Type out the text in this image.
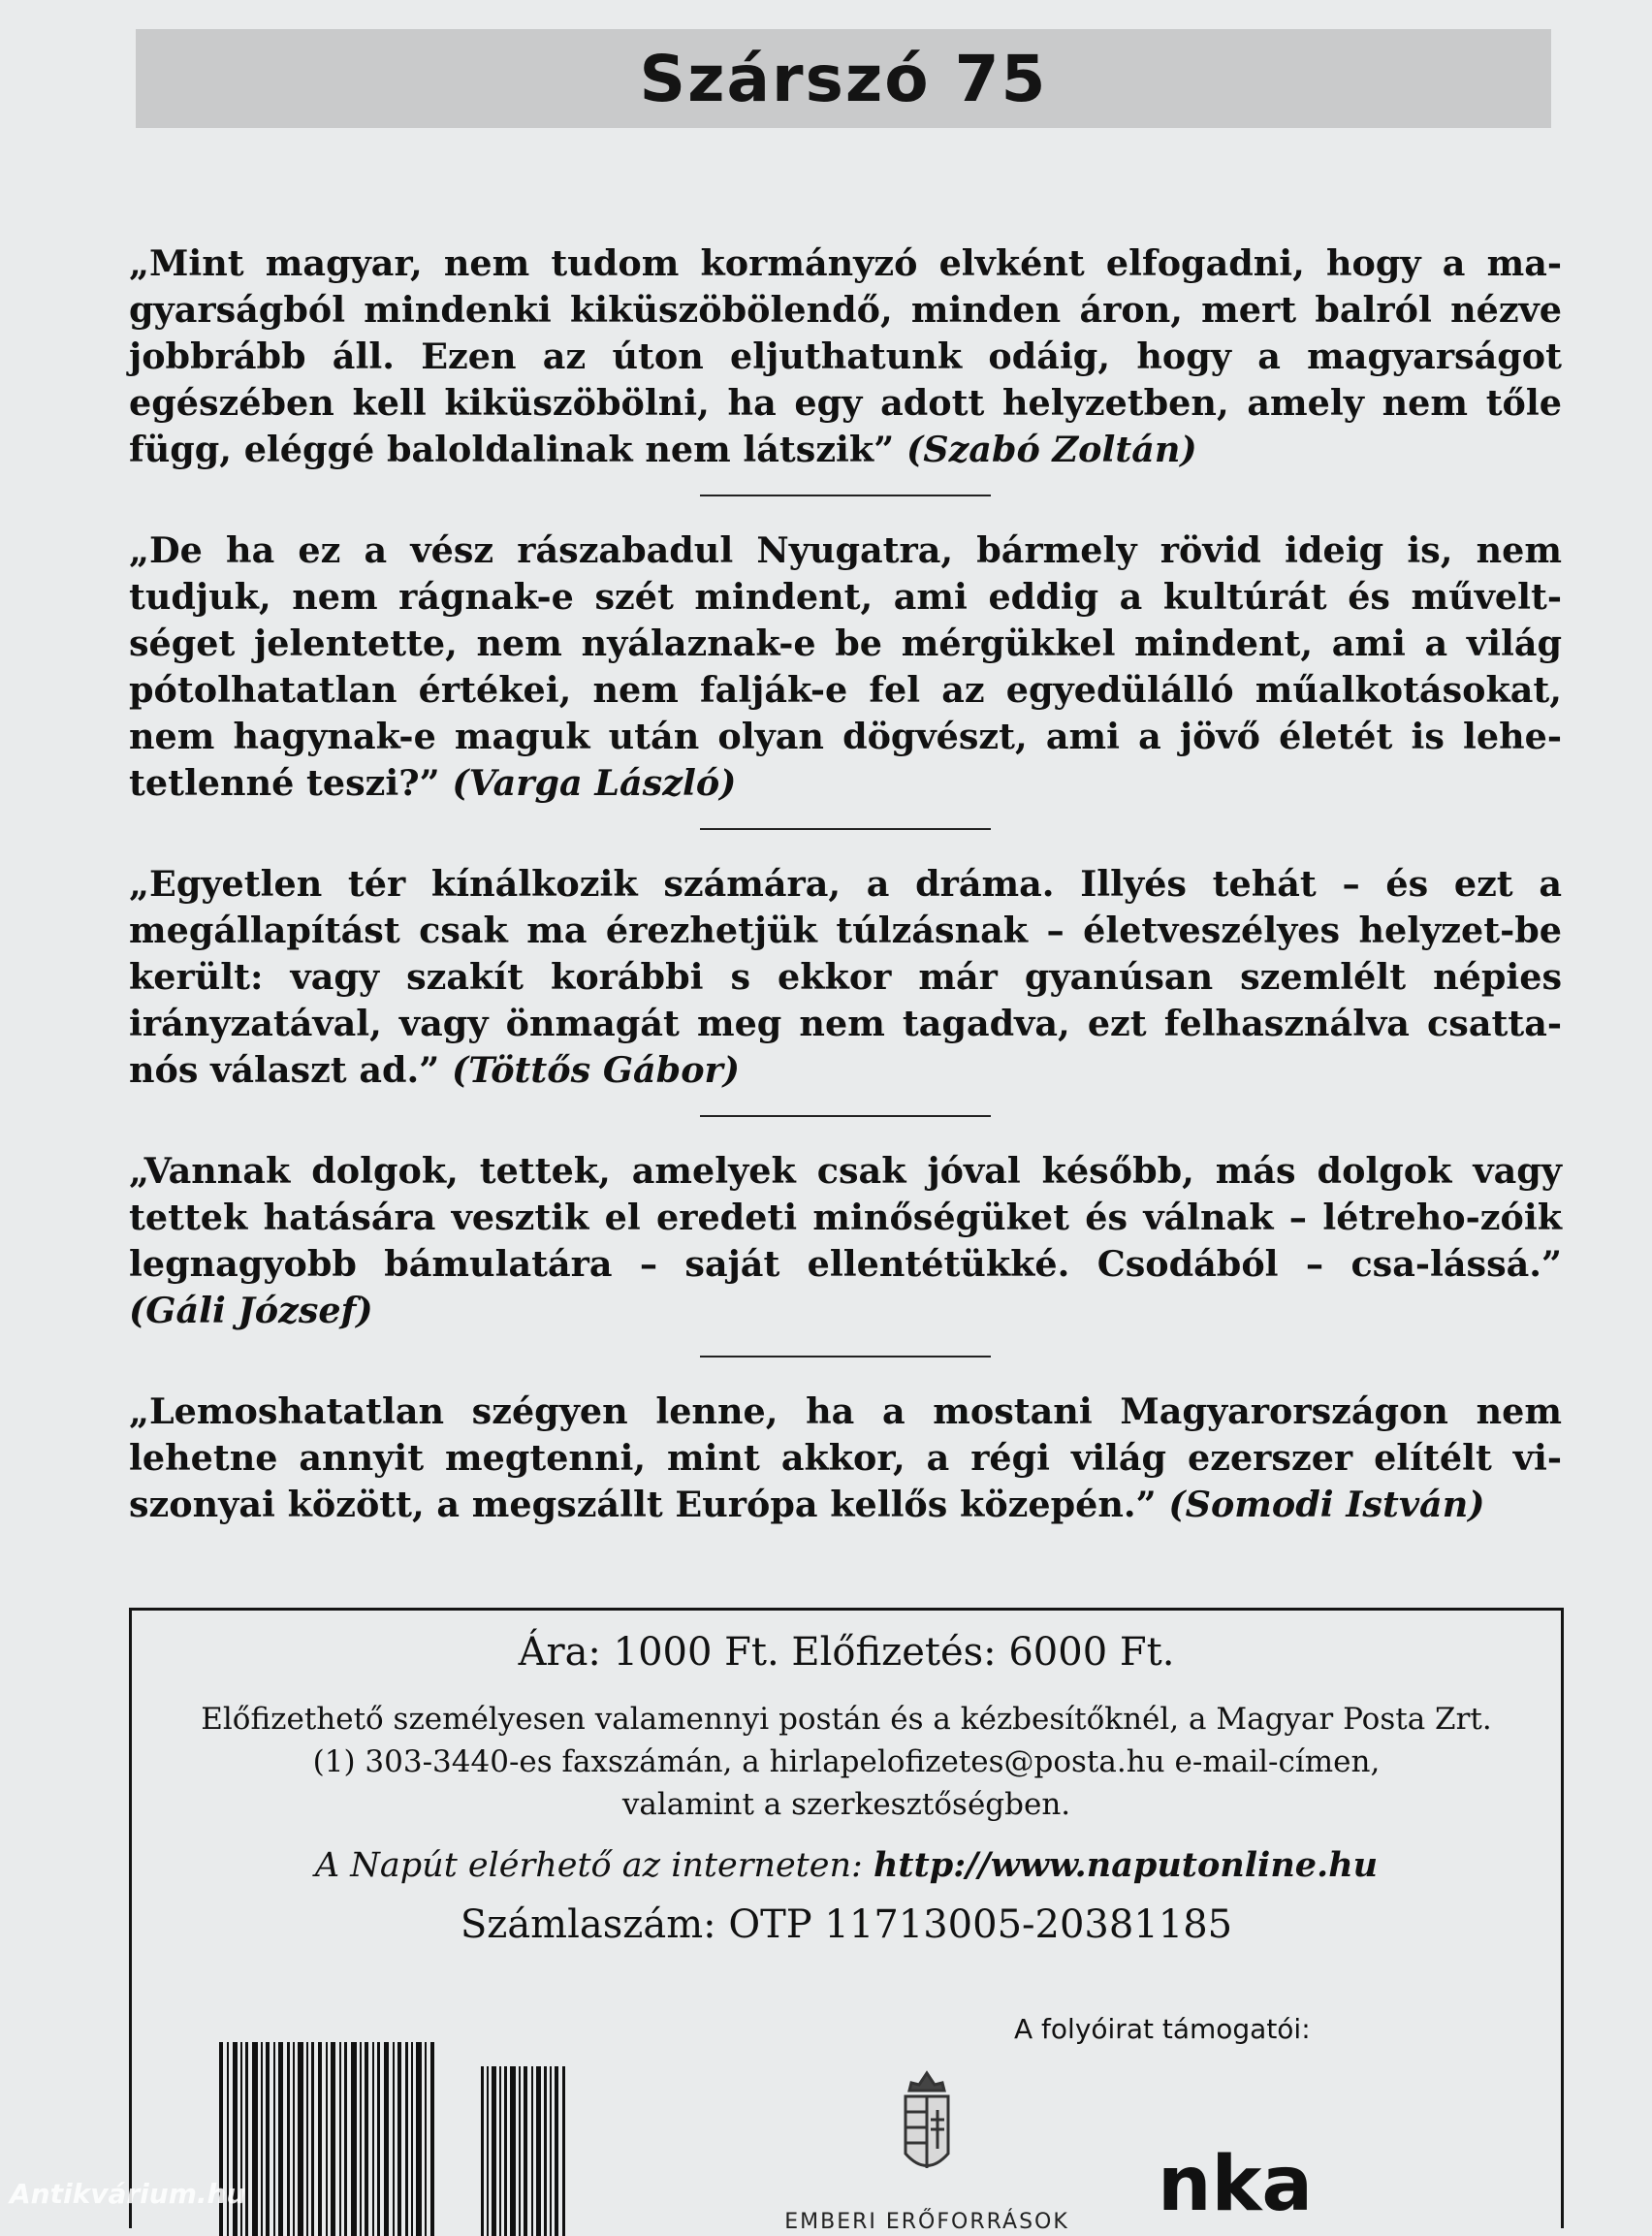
Szárszó 75

„Mint magyar, nem tudom kormányzó elvként elfogadni, hogy a ma-gyarságból mindenki kiküszöbölendő, minden áron, mert balról nézve jobbrább áll. Ezen az úton eljuthatunk odáig, hogy a magyarságot egészében kell kiküszöbölni, ha egy adott helyzetben, amely nem tőle függ, eléggé baloldalinak nem látszik” (Szabó Zoltán)

„De ha ez a vész rászabadul Nyugatra, bármely rövid ideig is, nem tudjuk, nem rágnak-e szét mindent, ami eddig a kultúrát és művelt-séget jelentette, nem nyálaznak-e be mérgükkel mindent, ami a világ pótolhatatlan értékei, nem falják-e fel az egyedülálló műalkotásokat, nem hagynak-e maguk után olyan dögvészt, ami a jövő életét is lehe-tetlenné teszi?” (Varga László)

„Egyetlen tér kínálkozik számára, a dráma. Illyés tehát – és ezt a megállapítást csak ma érezhetjük túlzásnak – életveszélyes helyzet-be került: vagy szakít korábbi s ekkor már gyanúsan szemlélt népies irányzatával, vagy önmagát meg nem tagadva, ezt felhasználva csatta-nós választ ad.” (Töttős Gábor)

„Vannak dolgok, tettek, amelyek csak jóval később, más dolgok vagy tettek hatására vesztik el eredeti minőségüket és válnak – létreho-zóik legnagyobb bámulatára – saját ellentétükké. Csodából – csa-lássá.” (Gáli József)

„Lemoshatatlan szégyen lenne, ha a mostani Magyarországon nem lehetne annyit megtenni, mint akkor, a régi világ ezerszer elítélt vi-szonyai között, a megszállt Európa kellős közepén.” (Somodi István)

Ára: 1000 Ft. Előfizetés: 6000 Ft.
Előfizethető személyesen valamennyi postán és a kézbesítőknél, a Magyar Posta Zrt.
(1) 303-3440-es faxszámán, a hirlapelofizetes@posta.hu e-mail-címen,
valamint a szerkesztőségben.
A Napút elérhető az interneten: http://www.naputonline.hu
Számlaszám: OTP 11713005-20381185
A folyóirat támogatói:
EMBERI ERŐFORRÁSOK nka
Antikvárium.hu
